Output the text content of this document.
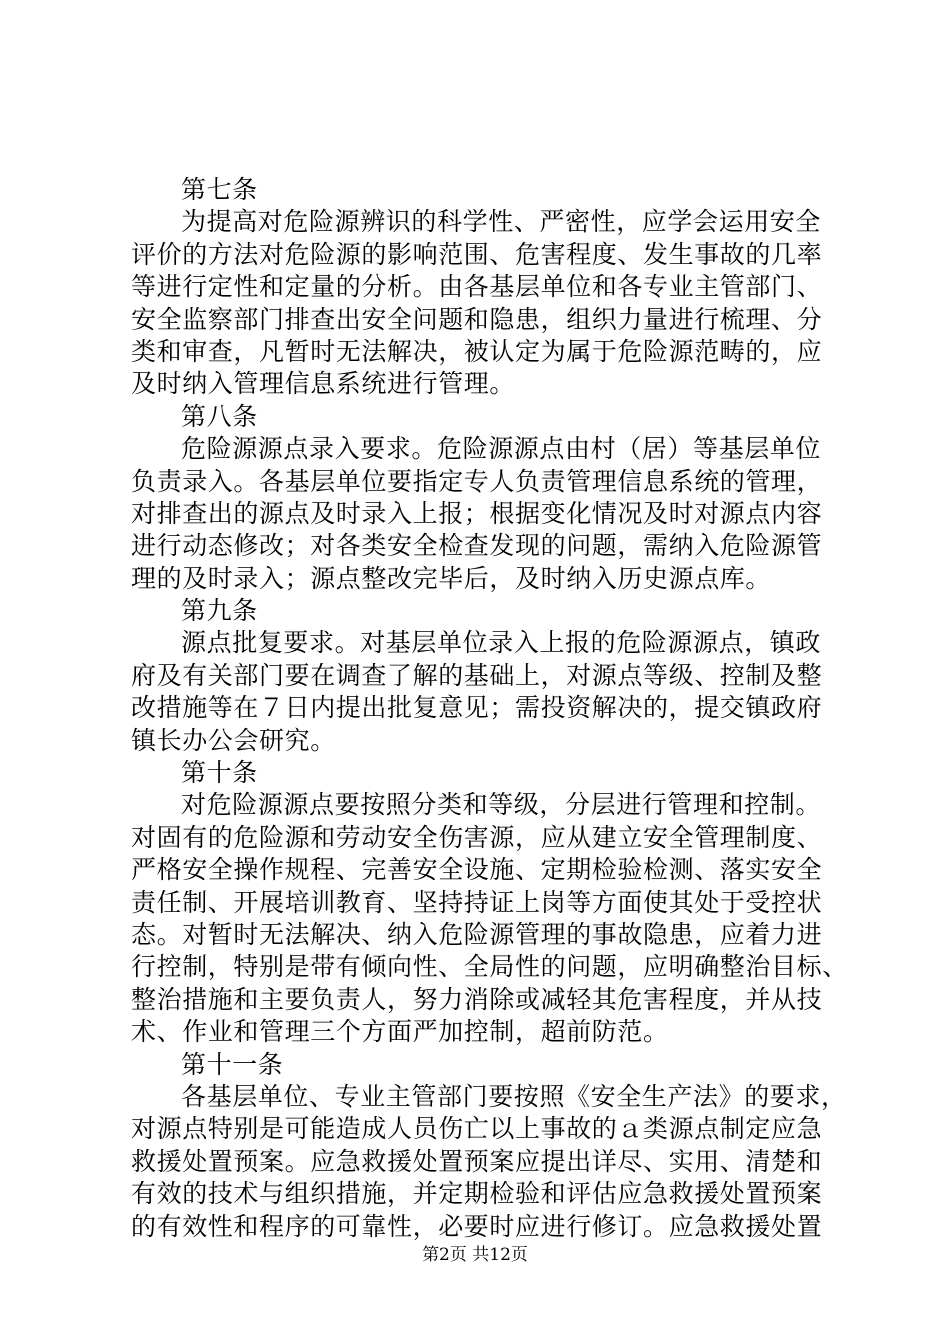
第七条
为提高对危险源辨识的科学性、严密性，应学会运用安全
评价的方法对危险源的影响范围、危害程度、发生事故的几率
等进行定性和定量的分析。由各基层单位和各专业主管部门、
安全监察部门排查出安全问题和隐患，组织力量进行梳理、分
类和审查，凡暂时无法解决，被认定为属于危险源范畴的，应
及时纳入管理信息系统进行管理。
第八条
危险源源点录入要求。危险源源点由村（居）等基层单位
负责录入。各基层单位要指定专人负责管理信息系统的管理，
对排查出的源点及时录入上报；根据变化情况及时对源点内容
进行动态修改；对各类安全检查发现的问题，需纳入危险源管
理的及时录入；源点整改完毕后，及时纳入历史源点库。
第九条
源点批复要求。对基层单位录入上报的危险源源点，镇政
府及有关部门要在调查了解的基础上，对源点等级、控制及整
改措施等在７日内提出批复意见；需投资解决的，提交镇政府
镇长办公会研究。
第十条
对危险源源点要按照分类和等级，分层进行管理和控制。
对固有的危险源和劳动安全伤害源，应从建立安全管理制度、
严格安全操作规程、完善安全设施、定期检验检测、落实安全
责任制、开展培训教育、坚持持证上岗等方面使其处于受控状
态。对暂时无法解决、纳入危险源管理的事故隐患，应着力进
行控制，特别是带有倾向性、全局性的问题，应明确整治目标、
整治措施和主要负责人，努力消除或减轻其危害程度，并从技
术、作业和管理三个方面严加控制，超前防范。
第十一条
各基层单位、专业主管部门要按照《安全生产法》的要求，
对源点特别是可能造成人员伤亡以上事故的ａ类源点制定应急
救援处置预案。应急救援处置预案应提出详尽、实用、清楚和
有效的技术与组织措施，并定期检验和评估应急救援处置预案
的有效性和程序的可靠性，必要时应进行修订。应急救援处置
第2页 共12页
